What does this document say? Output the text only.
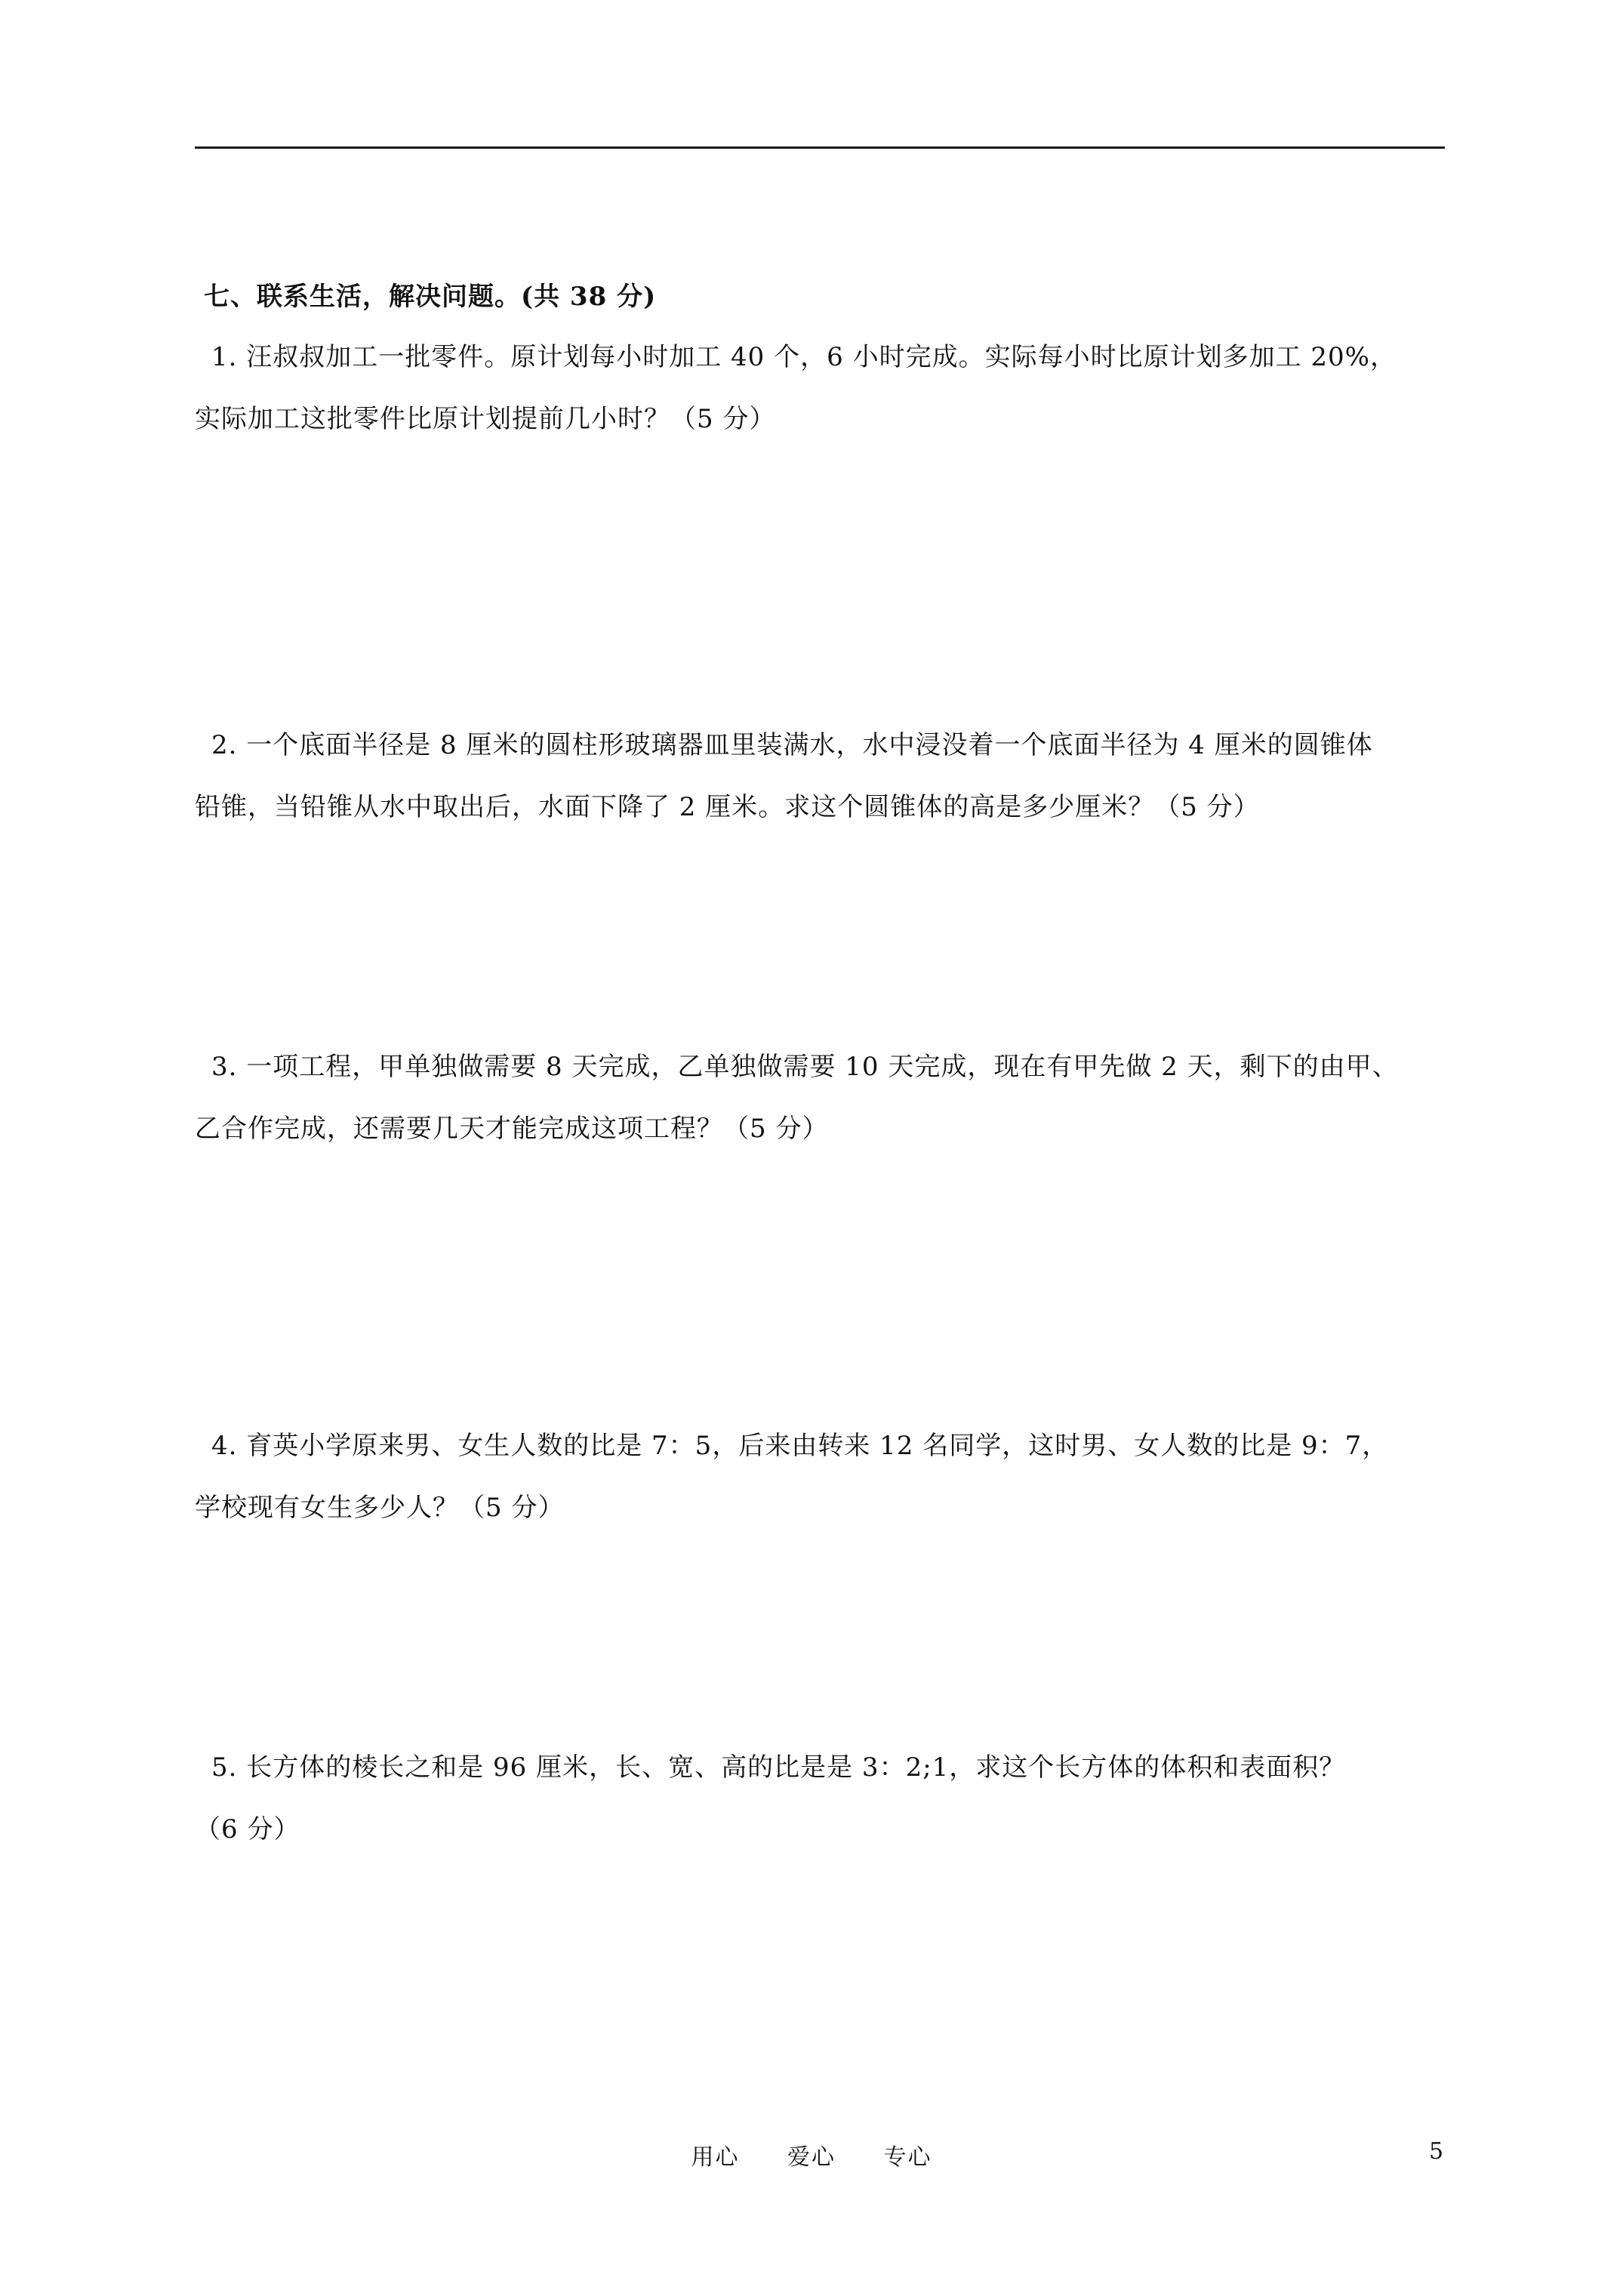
七、联系生活，解决问题。(共 38 分)
1. 汪叔叔加工一批零件。原计划每小时加工 40 个，6 小时完成。实际每小时比原计划多加工 20%，
实际加工这批零件比原计划提前几小时？（5 分）
2. 一个底面半径是 8 厘米的圆柱形玻璃器皿里装满水，水中浸没着一个底面半径为 4 厘米的圆锥体
铅锥，当铅锥从水中取出后，水面下降了 2 厘米。求这个圆锥体的高是多少厘米？（5 分）
3. 一项工程，甲单独做需要 8 天完成，乙单独做需要 10 天完成，现在有甲先做 2 天，剩下的由甲、
乙合作完成，还需要几天才能完成这项工程？（5 分）
4. 育英小学原来男、女生人数的比是 7：5，后来由转来 12 名同学，这时男、女人数的比是 9：7，
学校现有女生多少人？（5 分）
5. 长方体的棱长之和是 96 厘米，长、宽、高的比是是 3：2;1，求这个长方体的体积和表面积？
（6 分）
用心 爱心 专心	5
